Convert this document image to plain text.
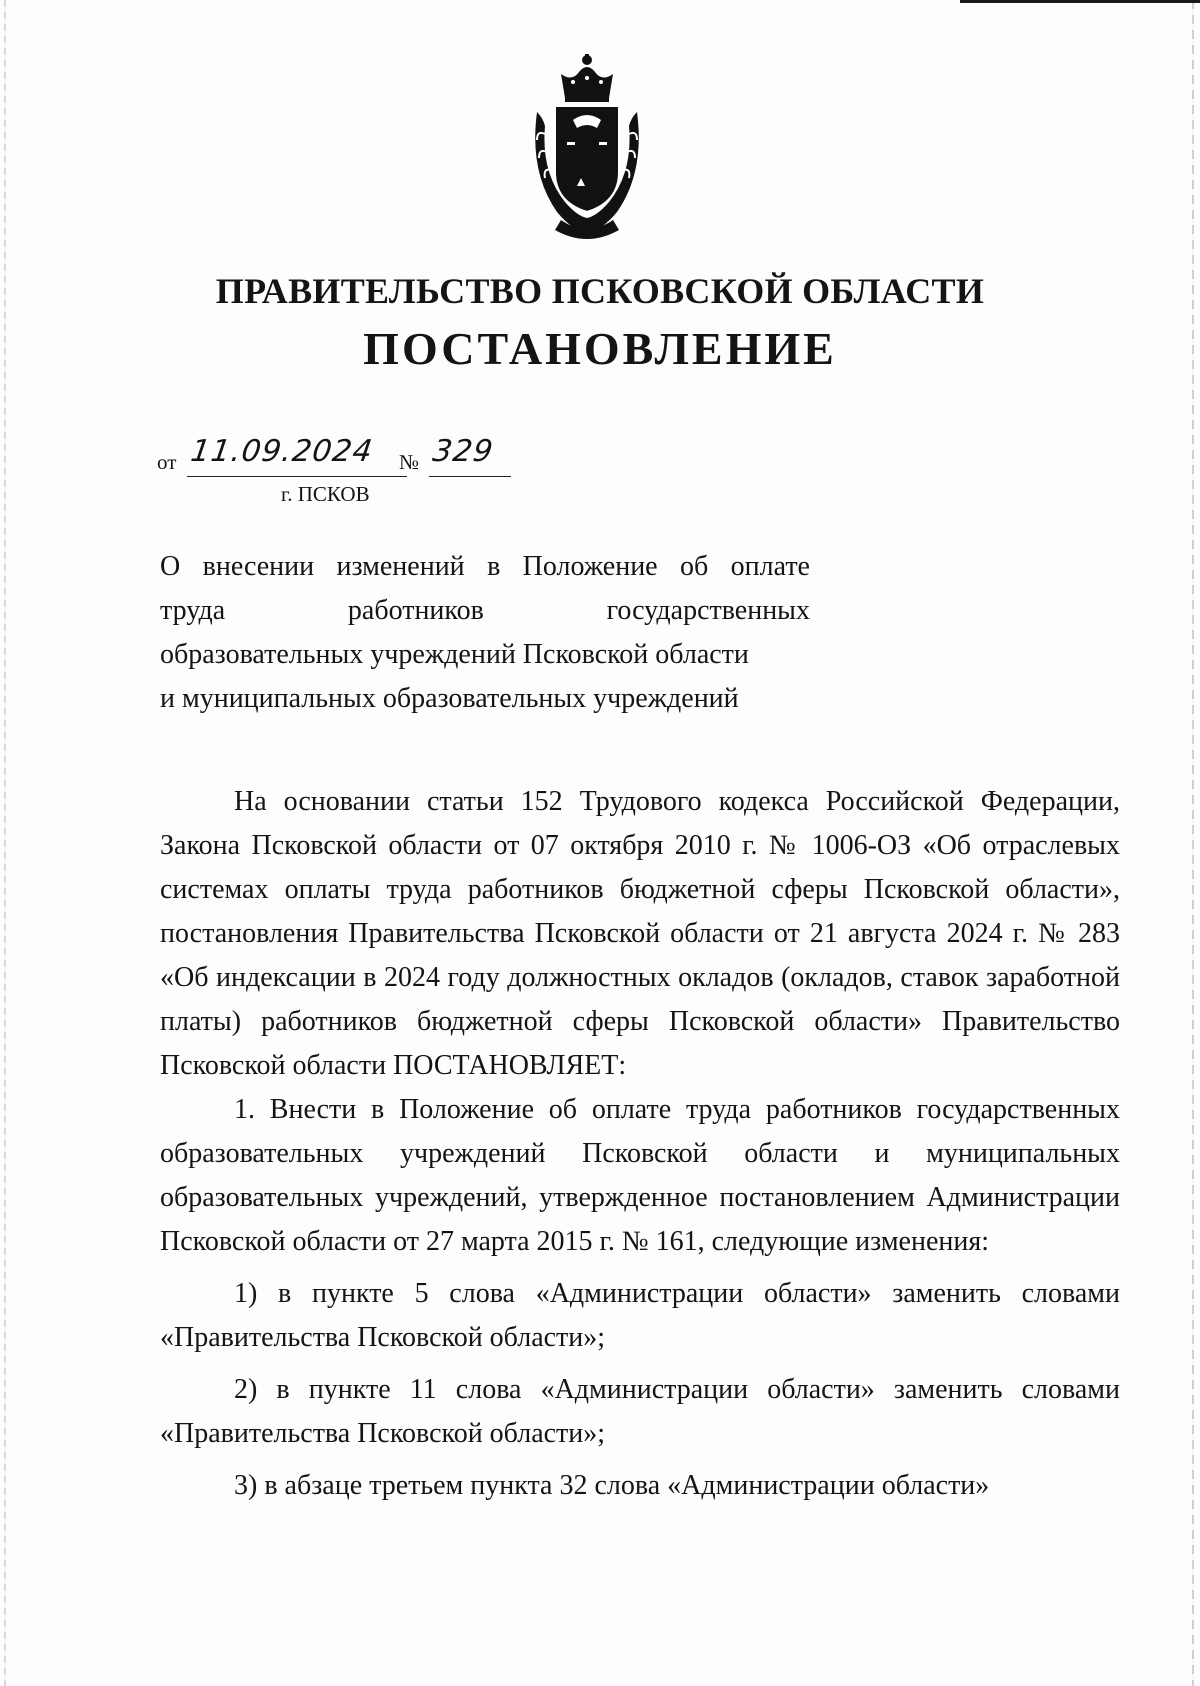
ПРАВИТЕЛЬСТВО ПСКОВСКОЙ ОБЛАСТИ
ПОСТАНОВЛЕНИЕ
от 11.09.2024 № 329
г. ПСКОВ

О внесении изменений в Положение об оплате

труда работников государственных

образовательных учреждений Псковской области

и муниципальных образовательных учреждений

На основании статьи 152 Трудового кодекса Российской Федерации, Закона Псковской области от 07 октября 2010 г. № 1006-ОЗ «Об отраслевых системах оплаты труда работников бюджетной сферы Псковской области», постановления Правительства Псковской области от 21 августа 2024 г. № 283 «Об индексации в 2024 году должностных окладов (окладов, ставок заработной платы) работников бюджетной сферы Псковской области» Правительство Псковской области ПОСТАНОВЛЯЕТ:

1. Внести в Положение об оплате труда работников государственных образовательных учреждений Псковской области и муниципальных образовательных учреждений, утвержденное постановлением Администрации Псковской области от 27 марта 2015 г. № 161, следующие изменения:

1) в пункте 5 слова «Администрации области» заменить словами «Правительства Псковской области»;

2) в пункте 11 слова «Администрации области» заменить словами «Правительства Псковской области»;

3) в абзаце третьем пункта 32 слова «Администрации области»
